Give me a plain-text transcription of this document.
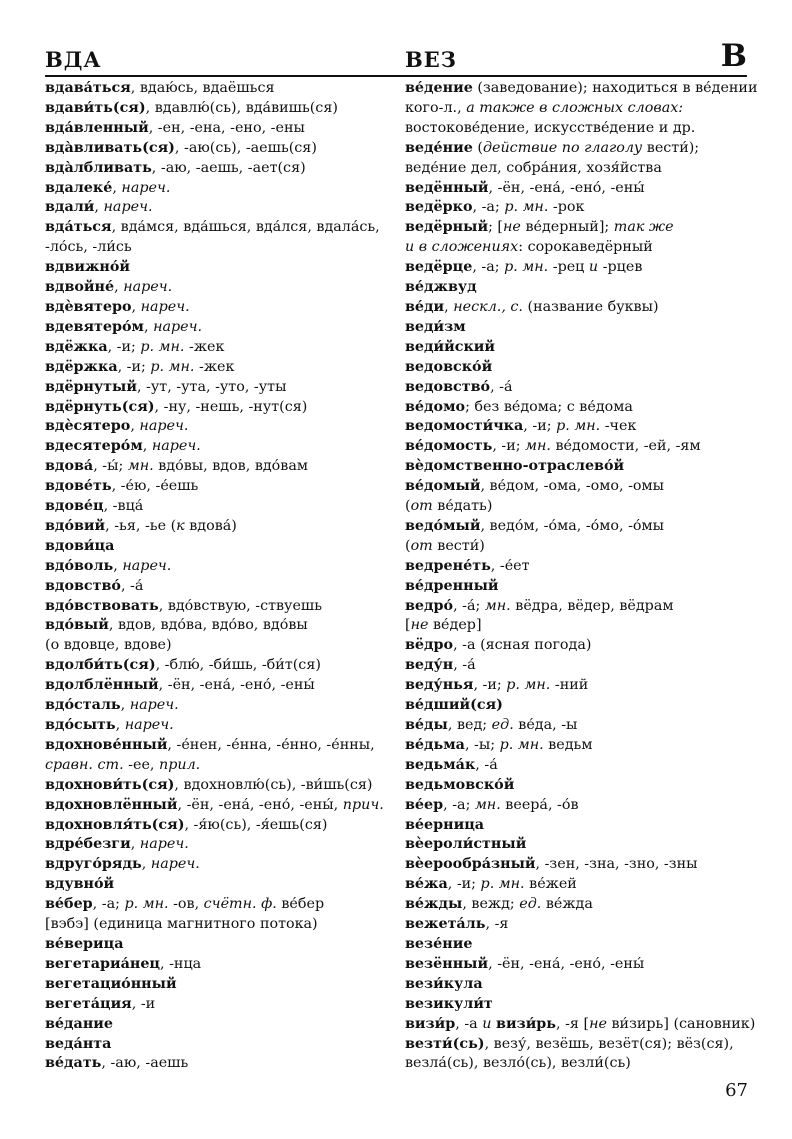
ВДА	ВЕЗ	В
вдава́ться, вдаю́сь, вдаёшься
вдави́ть(ся), вдавлю́(сь), вда́вишь(ся)
вда́вленный, -ен, -ена, -ено, -ены
вда̀вливать(ся), -аю(сь), -аешь(ся)
вда̀лбливать, -аю, -аешь, -ает(ся)
вдалеке́, нареч.
вдали́, нареч.
вда́ться, вда́мся, вда́шься, вда́лся, вдала́сь,
-ло́сь, -ли́сь
вдвижно́й
вдвойне́, нареч.
вдѐвятеро, нареч.
вдевятеро́м, нареч.
вдёжка, -и; р. мн. -жек
вдёржка, -и; р. мн. -жек
вдёрнутый, -ут, -ута, -уто, -уты
вдёрнуть(ся), -ну, -нешь, -нут(ся)
вдѐсятеро, нареч.
вдесятеро́м, нареч.
вдова́, -ы́; мн. вдо́вы, вдов, вдо́вам
вдове́ть, -е́ю, -е́ешь
вдове́ц, -вца́
вдо́вий, -ья, -ье (к вдова́)
вдови́ца
вдо́воль, нареч.
вдовство́, -а́
вдо́вствовать, вдо́вствую, -ствуешь
вдо́вый, вдов, вдо́ва, вдо́во, вдо́вы
(о вдовце, вдове)
вдолби́ть(ся), -блю́, -би́шь, -би́т(ся)
вдолблённый, -ён, -ена́, -ено́, -ены́
вдо́сталь, нареч.
вдо́сыть, нареч.
вдохнове́нный, -е́нен, -е́нна, -е́нно, -е́нны,
сравн. ст. -ее, прил.
вдохнови́ть(ся), вдохновлю́(сь), -ви́шь(ся)
вдохновлённый, -ён, -ена́, -ено́, -ены́, прич.
вдохновля́ть(ся), -я́ю(сь), -я́ешь(ся)
вдре́безги, нареч.
вдруго́рядь, нареч.
вдувно́й
ве́бер, -а; р. мн. -ов, счётн. ф. ве́бер
[вэбэ] (единица магнитного потока)
ве́верица
вегетариа́нец, -нца
вегетацио́нный
вегета́ция, -и
ве́дание
веда́нта
ве́дать, -аю, -аешь
ве́дение (заведование); находиться в ве́дении
кого-л., а также в сложных словах:
востокове́дение, искусстве́дение и др.
веде́ние (действие по глаголу вести́);
веде́ние дел, собра́ния, хозя́йства
ведённый, -ён, -ена́, -ено́, -ены́
ведёрко, -а; р. мн. -рок
ведёрный; [не ве́дерный]; так же
и в сложениях: сорокаведёрный
ведёрце, -а; р. мн. -рец и -рцев
ве́джвуд
ве́ди, нескл., с. (название буквы)
веди́зм
веди́йский
ведовско́й
ведовство́, -а́
ве́домо; без ве́дома; с ве́дома
ведомости́чка, -и; р. мн. -чек
ве́домость, -и; мн. ве́домости, -ей, -ям
вѐдомственно-отраслево́й
ве́домый, ве́дом, -ома, -омо, -омы
(от ве́дать)
ведо́мый, ведо́м, -о́ма, -о́мо, -о́мы
(от вести́)
ведрене́ть, -е́ет
ве́дренный
ведро́, -а́; мн. вёдра, вёдер, вёдрам
[не ве́дер]
вёдро, -а (ясная погода)
веду́н, -а́
веду́нья, -и; р. мн. -ний
ве́дший(ся)
ве́ды, вед; ед. ве́да, -ы
ве́дьма, -ы; р. мн. ведьм
ведьма́к, -а́
ведьмовско́й
ве́ер, -а; мн. веера́, -о́в
ве́ерница
вѐероли́стный
вѐерообра́зный, -зен, -зна, -зно, -зны
ве́жа, -и; р. мн. ве́жей
ве́жды, вежд; ед. ве́жда
вежета́ль, -я
везе́ние
везённый, -ён, -ена́, -ено́, -ены́
вези́кула
везикули́т
визи́р, -а и визи́рь, -я [не ви́зирь] (сановник)
везти́(сь), везу́, везёшь, везёт(ся); вёз(ся),
везла́(сь), везло́(сь), везли́(сь)
67
